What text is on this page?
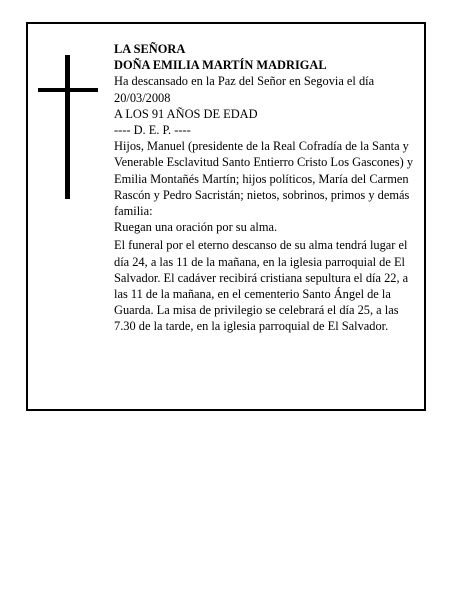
LA SEÑORA

DOÑA EMILIA MARTÍN MADRIGAL

Ha descansado en la Paz del Señor en Segovia el día 20/03/2008

A LOS 91 AÑOS DE EDAD

---- D. E. P. ----

Hijos, Manuel (presidente de la Real Cofradía de la Santa y Venerable Esclavitud Santo Entierro Cristo Los Gascones) y Emilia Montañés Martín; hijos políticos, María del Carmen Rascón y Pedro Sacristán; nietos, sobrinos, primos y demás familia:

Ruegan una oración por su alma.

El funeral por el eterno descanso de su alma tendrá lugar el día 24, a las 11 de la mañana, en la iglesia parroquial de El Salvador. El cadáver recibirá cristiana sepultura el día 22, a las 11 de la mañana, en el cementerio Santo Ángel de la Guarda. La misa de privilegio se celebrará el día 25, a las 7.30 de la tarde, en la iglesia parroquial de El Salvador.
